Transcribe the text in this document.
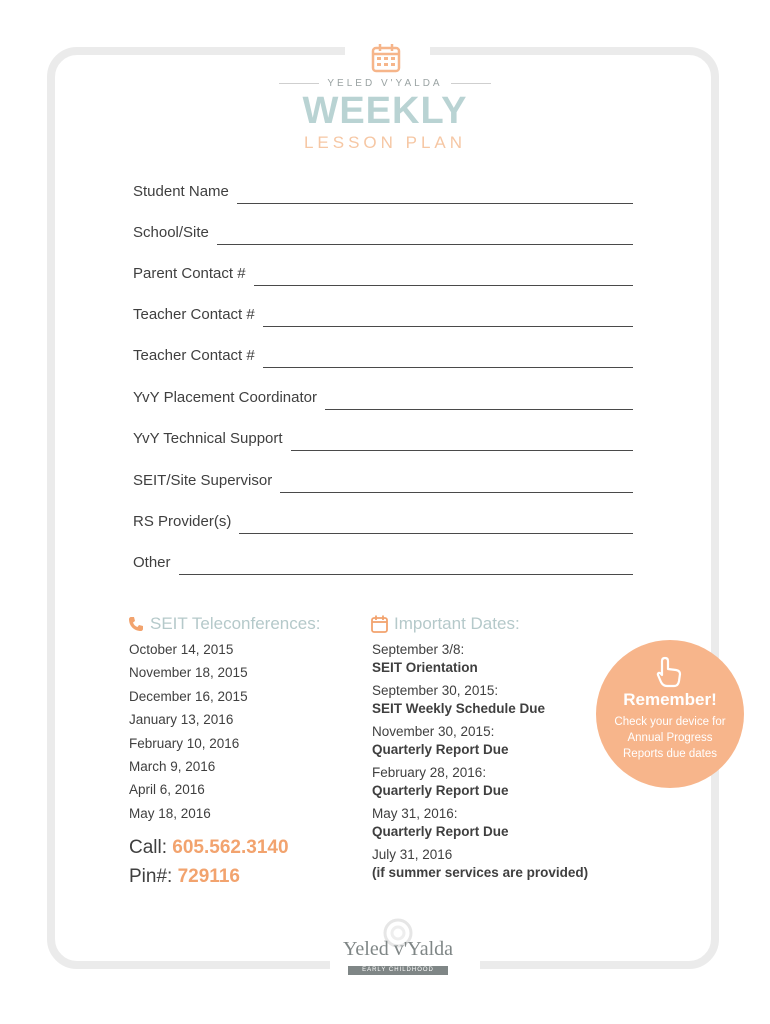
YELED V'YALDA
WEEKLY
LESSON PLAN
Student Name
School/Site
Parent Contact #
Teacher Contact #
Teacher Contact #
YvY Placement Coordinator
YvY Technical Support
SEIT/Site Supervisor
RS Provider(s)
Other
SEIT Teleconferences:
October 14, 2015
November 18, 2015
December 16, 2015
January 13, 2016
February 10, 2016
March 9, 2016
April 6, 2016
May 18, 2016
Call: 605.562.3140
Pin#: 729116
Important Dates:
September 3/8:
SEIT Orientation
September 30, 2015:
SEIT Weekly Schedule Due
November 30, 2015:
Quarterly Report Due
February 28, 2016:
Quarterly Report Due
May 31, 2016:
Quarterly Report Due
July 31, 2016
(if summer services are provided)
Remember!
Check your device for Annual Progress Reports due dates
Yeled v'Yalda
EARLY CHILDHOOD CENTER
